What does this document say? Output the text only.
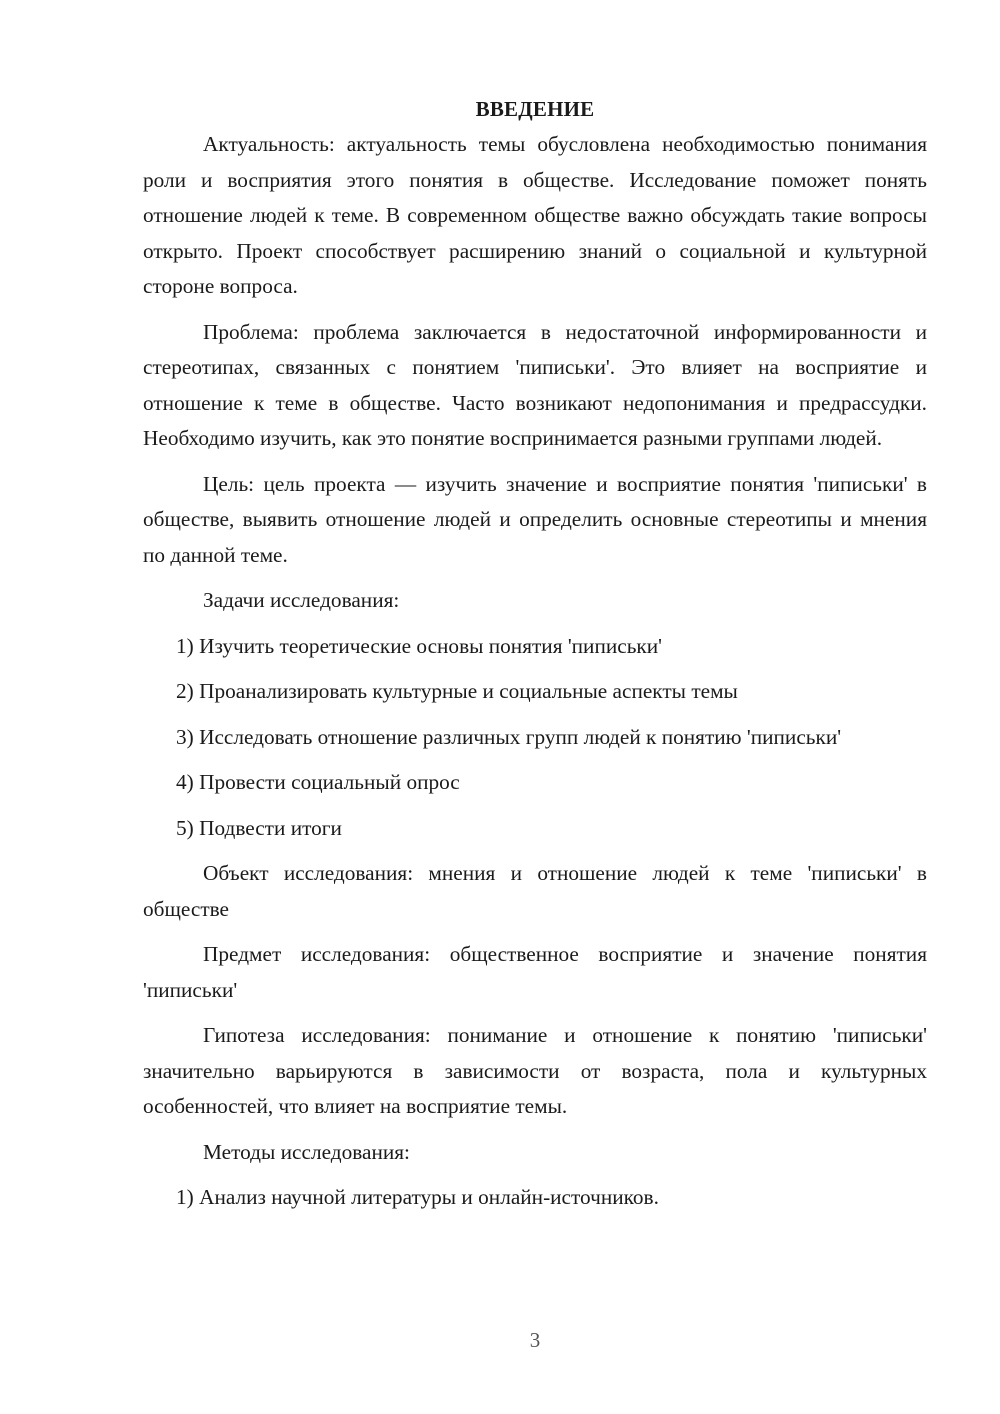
ВВЕДЕНИЕ

Актуальность: актуальность темы обусловлена необходимостью понимания роли и восприятия этого понятия в обществе. Исследование поможет понять отношение людей к теме. В современном обществе важно обсуждать такие вопросы открыто. Проект способствует расширению знаний о социальной и культурной стороне вопроса.

Проблема: проблема заключается в недостаточной информированности и стереотипах, связанных с понятием 'пиписьки'. Это влияет на восприятие и отношение к теме в обществе. Часто возникают недопонимания и предрассудки. Необходимо изучить, как это понятие воспринимается разными группами людей.

Цель: цель проекта — изучить значение и восприятие понятия 'пиписьки' в обществе, выявить отношение людей и определить основные стереотипы и мнения по данной теме.

Задачи исследования:

1) Изучить теоретические основы понятия 'пиписьки'

2) Проанализировать культурные и социальные аспекты темы

3) Исследовать отношение различных групп людей к понятию 'пиписьки'

4) Провести социальный опрос

5) Подвести итоги

Объект исследования: мнения и отношение людей к теме 'пиписьки' в обществе

Предмет исследования: общественное восприятие и значение понятия 'пиписьки'

Гипотеза исследования: понимание и отношение к понятию 'пиписьки' значительно варьируются в зависимости от возраста, пола и культурных особенностей, что влияет на восприятие темы.

Методы исследования:

1) Анализ научной литературы и онлайн-источников.

3
